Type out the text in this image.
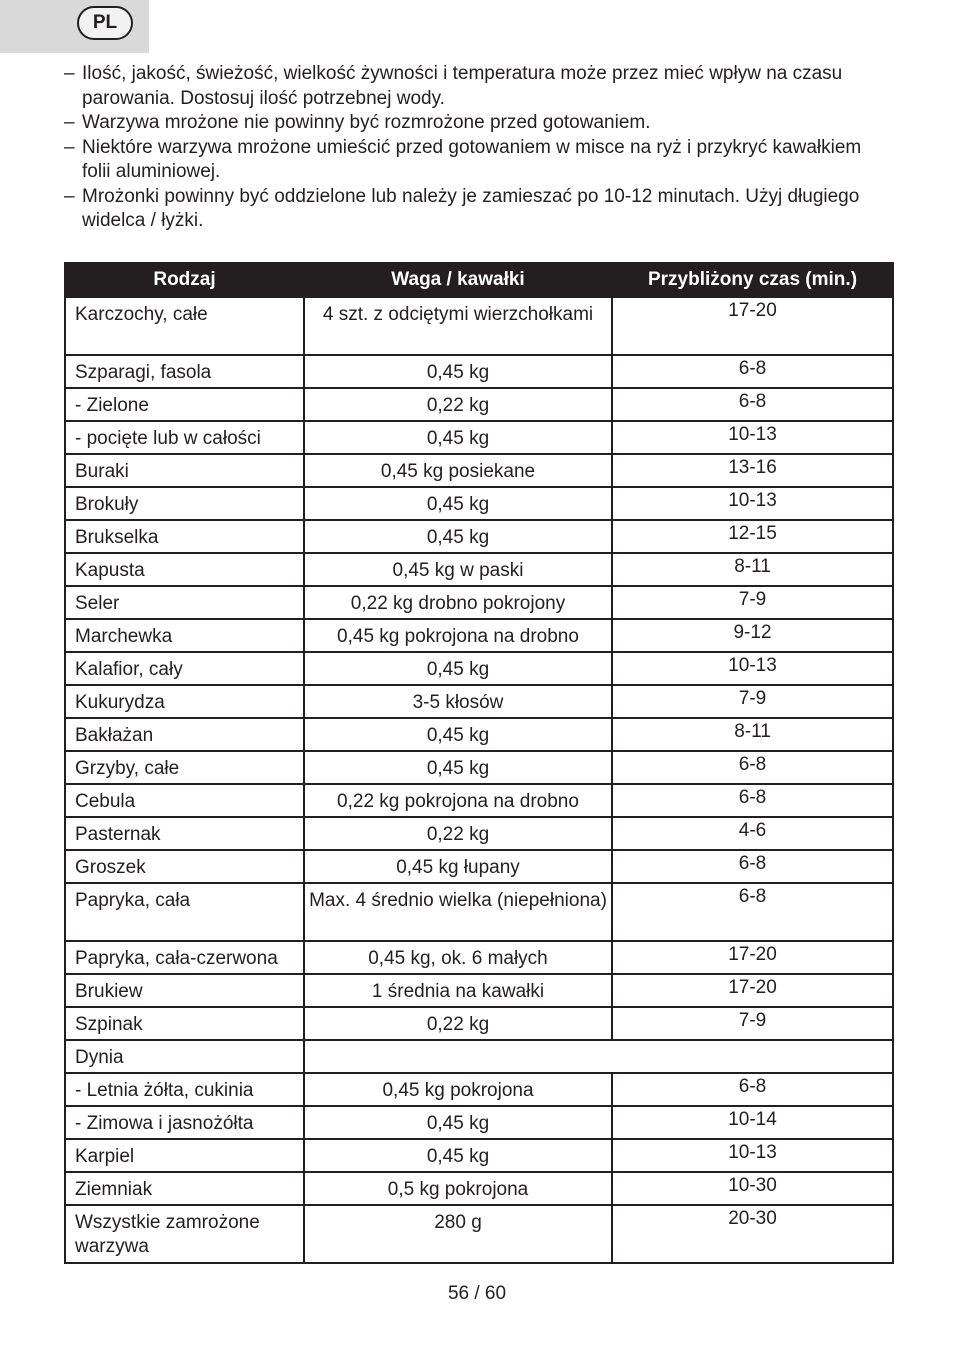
PL
– Ilość, jakość, świeżość, wielkość żywności i temperatura może przez mieć wpływ na czasu parowania. Dostosuj ilość potrzebnej wody.
– Warzywa mrożone nie powinny być rozmrożone przed gotowaniem.
– Niektóre warzywa mrożone umieścić przed gotowaniem w misce na ryż i przykryć kawałkiem folii aluminiowej.
– Mrożonki powinny być oddzielone lub należy je zamieszać po 10-12 minutach. Użyj długiego widelca / łyżki.
Rodzaj	Waga / kawałki	Przybliżony czas (min.)
Karczochy, całe	4 szt. z odciętymi wierzchołkami	17-20
Szparagi, fasola	0,45 kg	6-8
- Zielone	0,22 kg	6-8
- pocięte lub w całości	0,45 kg	10-13
Buraki	0,45 kg posiekane	13-16
Brokuły	0,45 kg	10-13
Brukselka	0,45 kg	12-15
Kapusta	0,45 kg w paski	8-11
Seler	0,22 kg drobno pokrojony	7-9
Marchewka	0,45 kg pokrojona na drobno	9-12
Kalafior, cały	0,45 kg	10-13
Kukurydza	3-5 kłosów	7-9
Bakłażan	0,45 kg	8-11
Grzyby, całe	0,45 kg	6-8
Cebula	0,22 kg pokrojona na drobno	6-8
Pasternak	0,22 kg	4-6
Groszek	0,45 kg łupany	6-8
Papryka, cała	Max. 4 średnio wielka (niepełniona)	6-8
Papryka, cała-czerwona	0,45 kg, ok. 6 małych	17-20
Brukiew	1 średnia na kawałki	17-20
Szpinak	0,22 kg	7-9
Dynia		
- Letnia żółta, cukinia	0,45 kg pokrojona	6-8
- Zimowa i jasnożółta	0,45 kg	10-14
Karpiel	0,45 kg	10-13
Ziemniak	0,5 kg pokrojona	10-30
Wszystkie zamrożone warzywa	280 g	20-30
56 / 60
